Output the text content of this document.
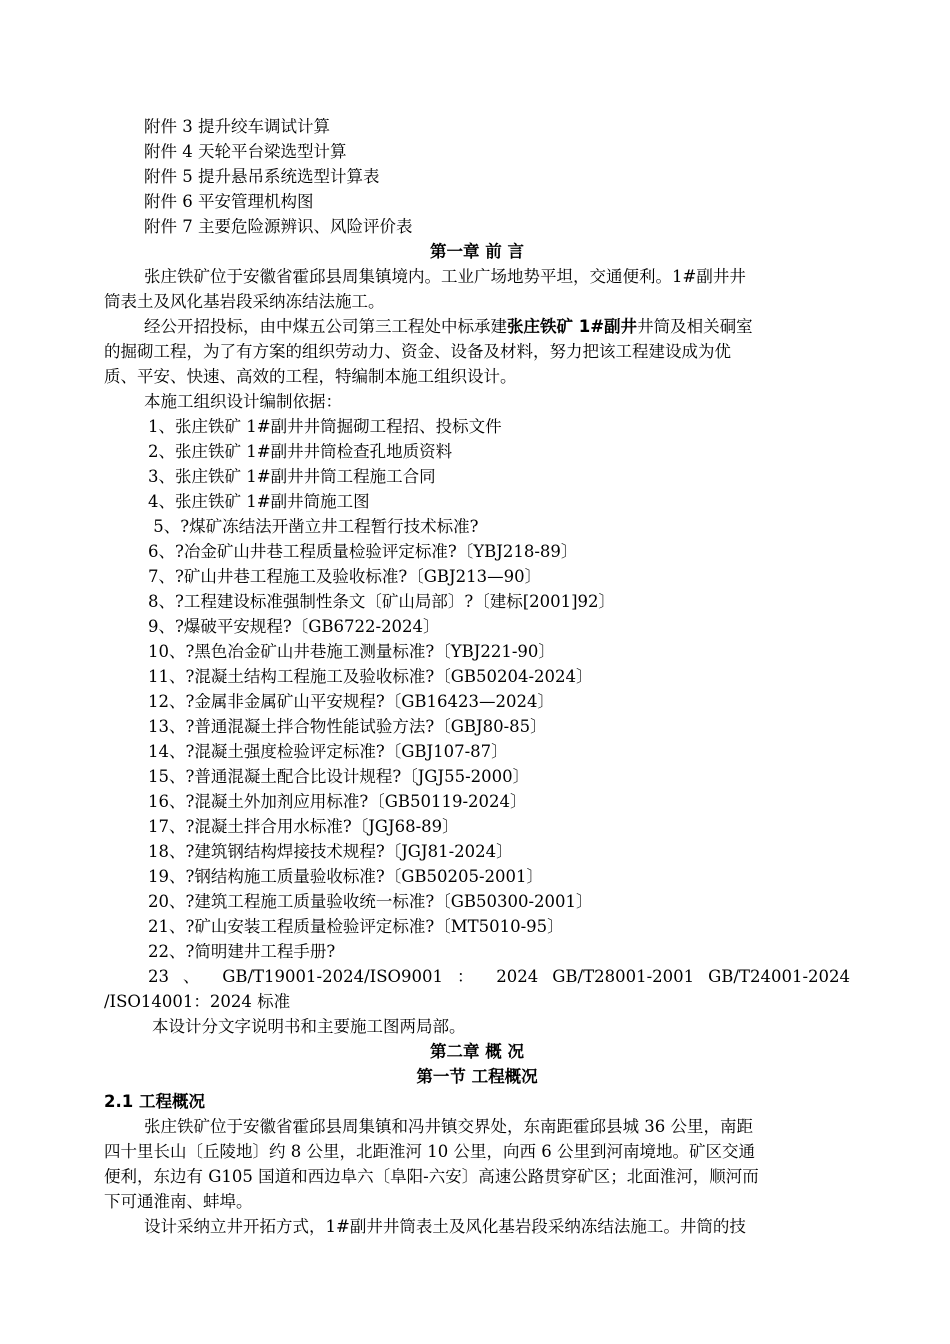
附件 3 提升绞车调试计算
附件 4 天轮平台梁选型计算
附件 5 提升悬吊系统选型计算表
附件 6 平安管理机构图
附件 7 主要危险源辨识、风险评价表
第一章 前 言
张庄铁矿位于安徽省霍邱县周集镇境内。工业广场地势平坦，交通便利。1#副井井
筒表土及风化基岩段采纳冻结法施工。
经公开招投标，由中煤五公司第三工程处中标承建张庄铁矿 1#副井井筒及相关硐室
的掘砌工程，为了有方案的组织劳动力、资金、设备及材料，努力把该工程建设成为优
质、平安、快速、高效的工程，特编制本施工组织设计。
本施工组织设计编制依据：
1、张庄铁矿 1#副井井筒掘砌工程招、投标文件
2、张庄铁矿 1#副井井筒检查孔地质资料
3、张庄铁矿 1#副井井筒工程施工合同
4、张庄铁矿 1#副井筒施工图
5、?煤矿冻结法开凿立井工程暂行技术标准?
6、?冶金矿山井巷工程质量检验评定标准?〔YBJ218-89〕
7、?矿山井巷工程施工及验收标准?〔GBJ213—90〕
8、?工程建设标准强制性条文〔矿山局部〕?〔建标[2001]92〕
9、?爆破平安规程?〔GB6722-2024〕
10、?黑色冶金矿山井巷施工测量标准?〔YBJ221-90〕
11、?混凝土结构工程施工及验收标准?〔GB50204-2024〕
12、?金属非金属矿山平安规程?〔GB16423—2024〕
13、?普通混凝土拌合物性能试验方法?〔GBJ80-85〕
14、?混凝土强度检验评定标准?〔GBJ107-87〕
15、?普通混凝土配合比设计规程?〔JGJ55-2000〕
16、?混凝土外加剂应用标准?〔GB50119-2024〕
17、?混凝土拌合用水标准?〔JGJ68-89〕
18、?建筑钢结构焊接技术规程?〔JGJ81-2024〕
19、?钢结构施工质量验收标准?〔GB50205-2001〕
20、?建筑工程施工质量验收统一标准?〔GB50300-2001〕
21、?矿山安装工程质量检验评定标准?〔MT5010-95〕
22、?简明建井工程手册?
23 、 GB/T19001-2024/ISO9001 ： 2024 GB/T28001-2001 GB/T24001-2024
/ISO14001：2024 标准
本设计分文字说明书和主要施工图两局部。
第二章 概 况
第一节 工程概况
2.1 工程概况
张庄铁矿位于安徽省霍邱县周集镇和冯井镇交界处，东南距霍邱县城 36 公里，南距
四十里长山〔丘陵地〕约 8 公里，北距淮河 10 公里，向西 6 公里到河南境地。矿区交通
便利，东边有 G105 国道和西边阜六〔阜阳-六安〕高速公路贯穿矿区；北面淮河，顺河而
下可通淮南、蚌埠。
设计采纳立井开拓方式，1#副井井筒表土及风化基岩段采纳冻结法施工。井筒的技
